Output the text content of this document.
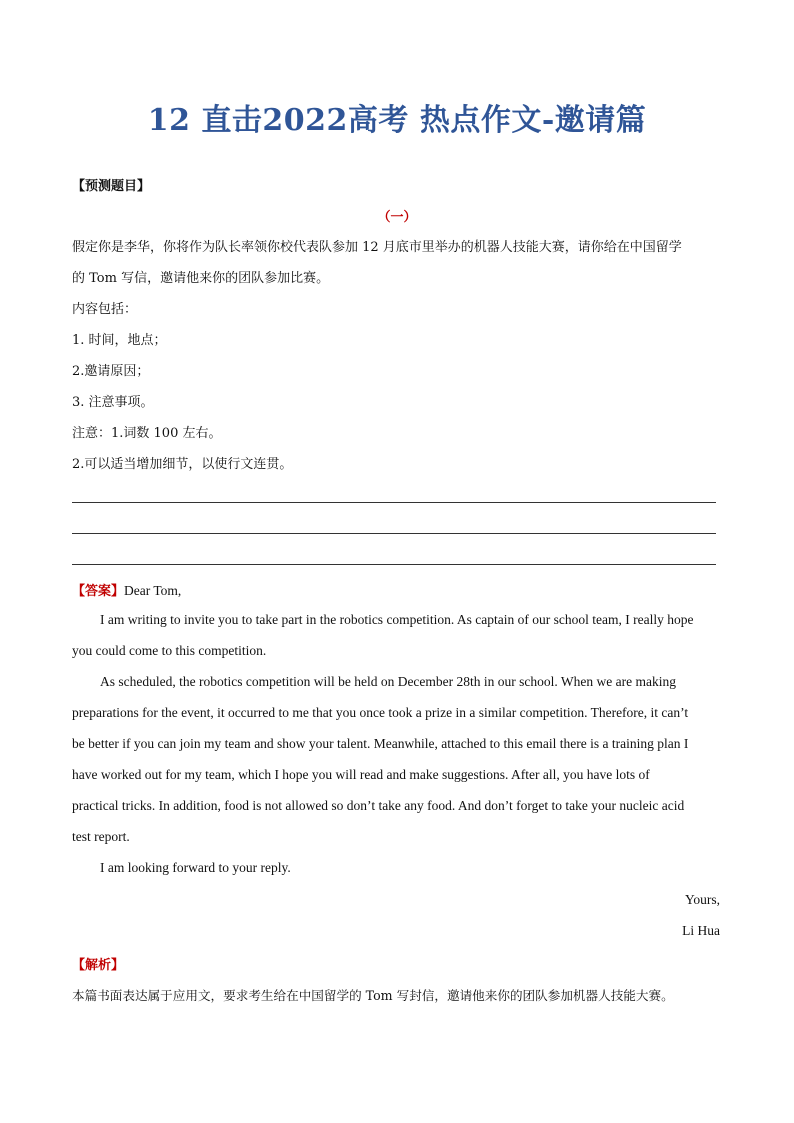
12 直击2022高考 热点作文-邀请篇
【预测题目】
（一）
假定你是李华，你将作为队长率领你校代表队参加 12 月底市里举办的机器人技能大赛，请你给在中国留学
的 Tom 写信，邀请他来你的团队参加比赛。
内容包括：
1. 时间，地点；
2.邀请原因；
3. 注意事项。
注意：1.词数 100 左右。
2.可以适当增加细节，以使行文连贯。
【答案】Dear Tom,
I am writing to invite you to take part in the robotics competition. As captain of our school team, I really hope
you could come to this competition.
As scheduled, the robotics competition will be held on December 28th in our school. When we are making
preparations for the event, it occurred to me that you once took a prize in a similar competition. Therefore, it can’t
be better if you can join my team and show your talent. Meanwhile, attached to this email there is a training plan I
have worked out for my team, which I hope you will read and make suggestions. After all, you have lots of
practical tricks. In addition, food is not allowed so don’t take any food. And don’t forget to take your nucleic acid
test report.
I am looking forward to your reply.
Yours,
Li Hua
【解析】
本篇书面表达属于应用文，要求考生给在中国留学的 Tom 写封信，邀请他来你的团队参加机器人技能大赛。
